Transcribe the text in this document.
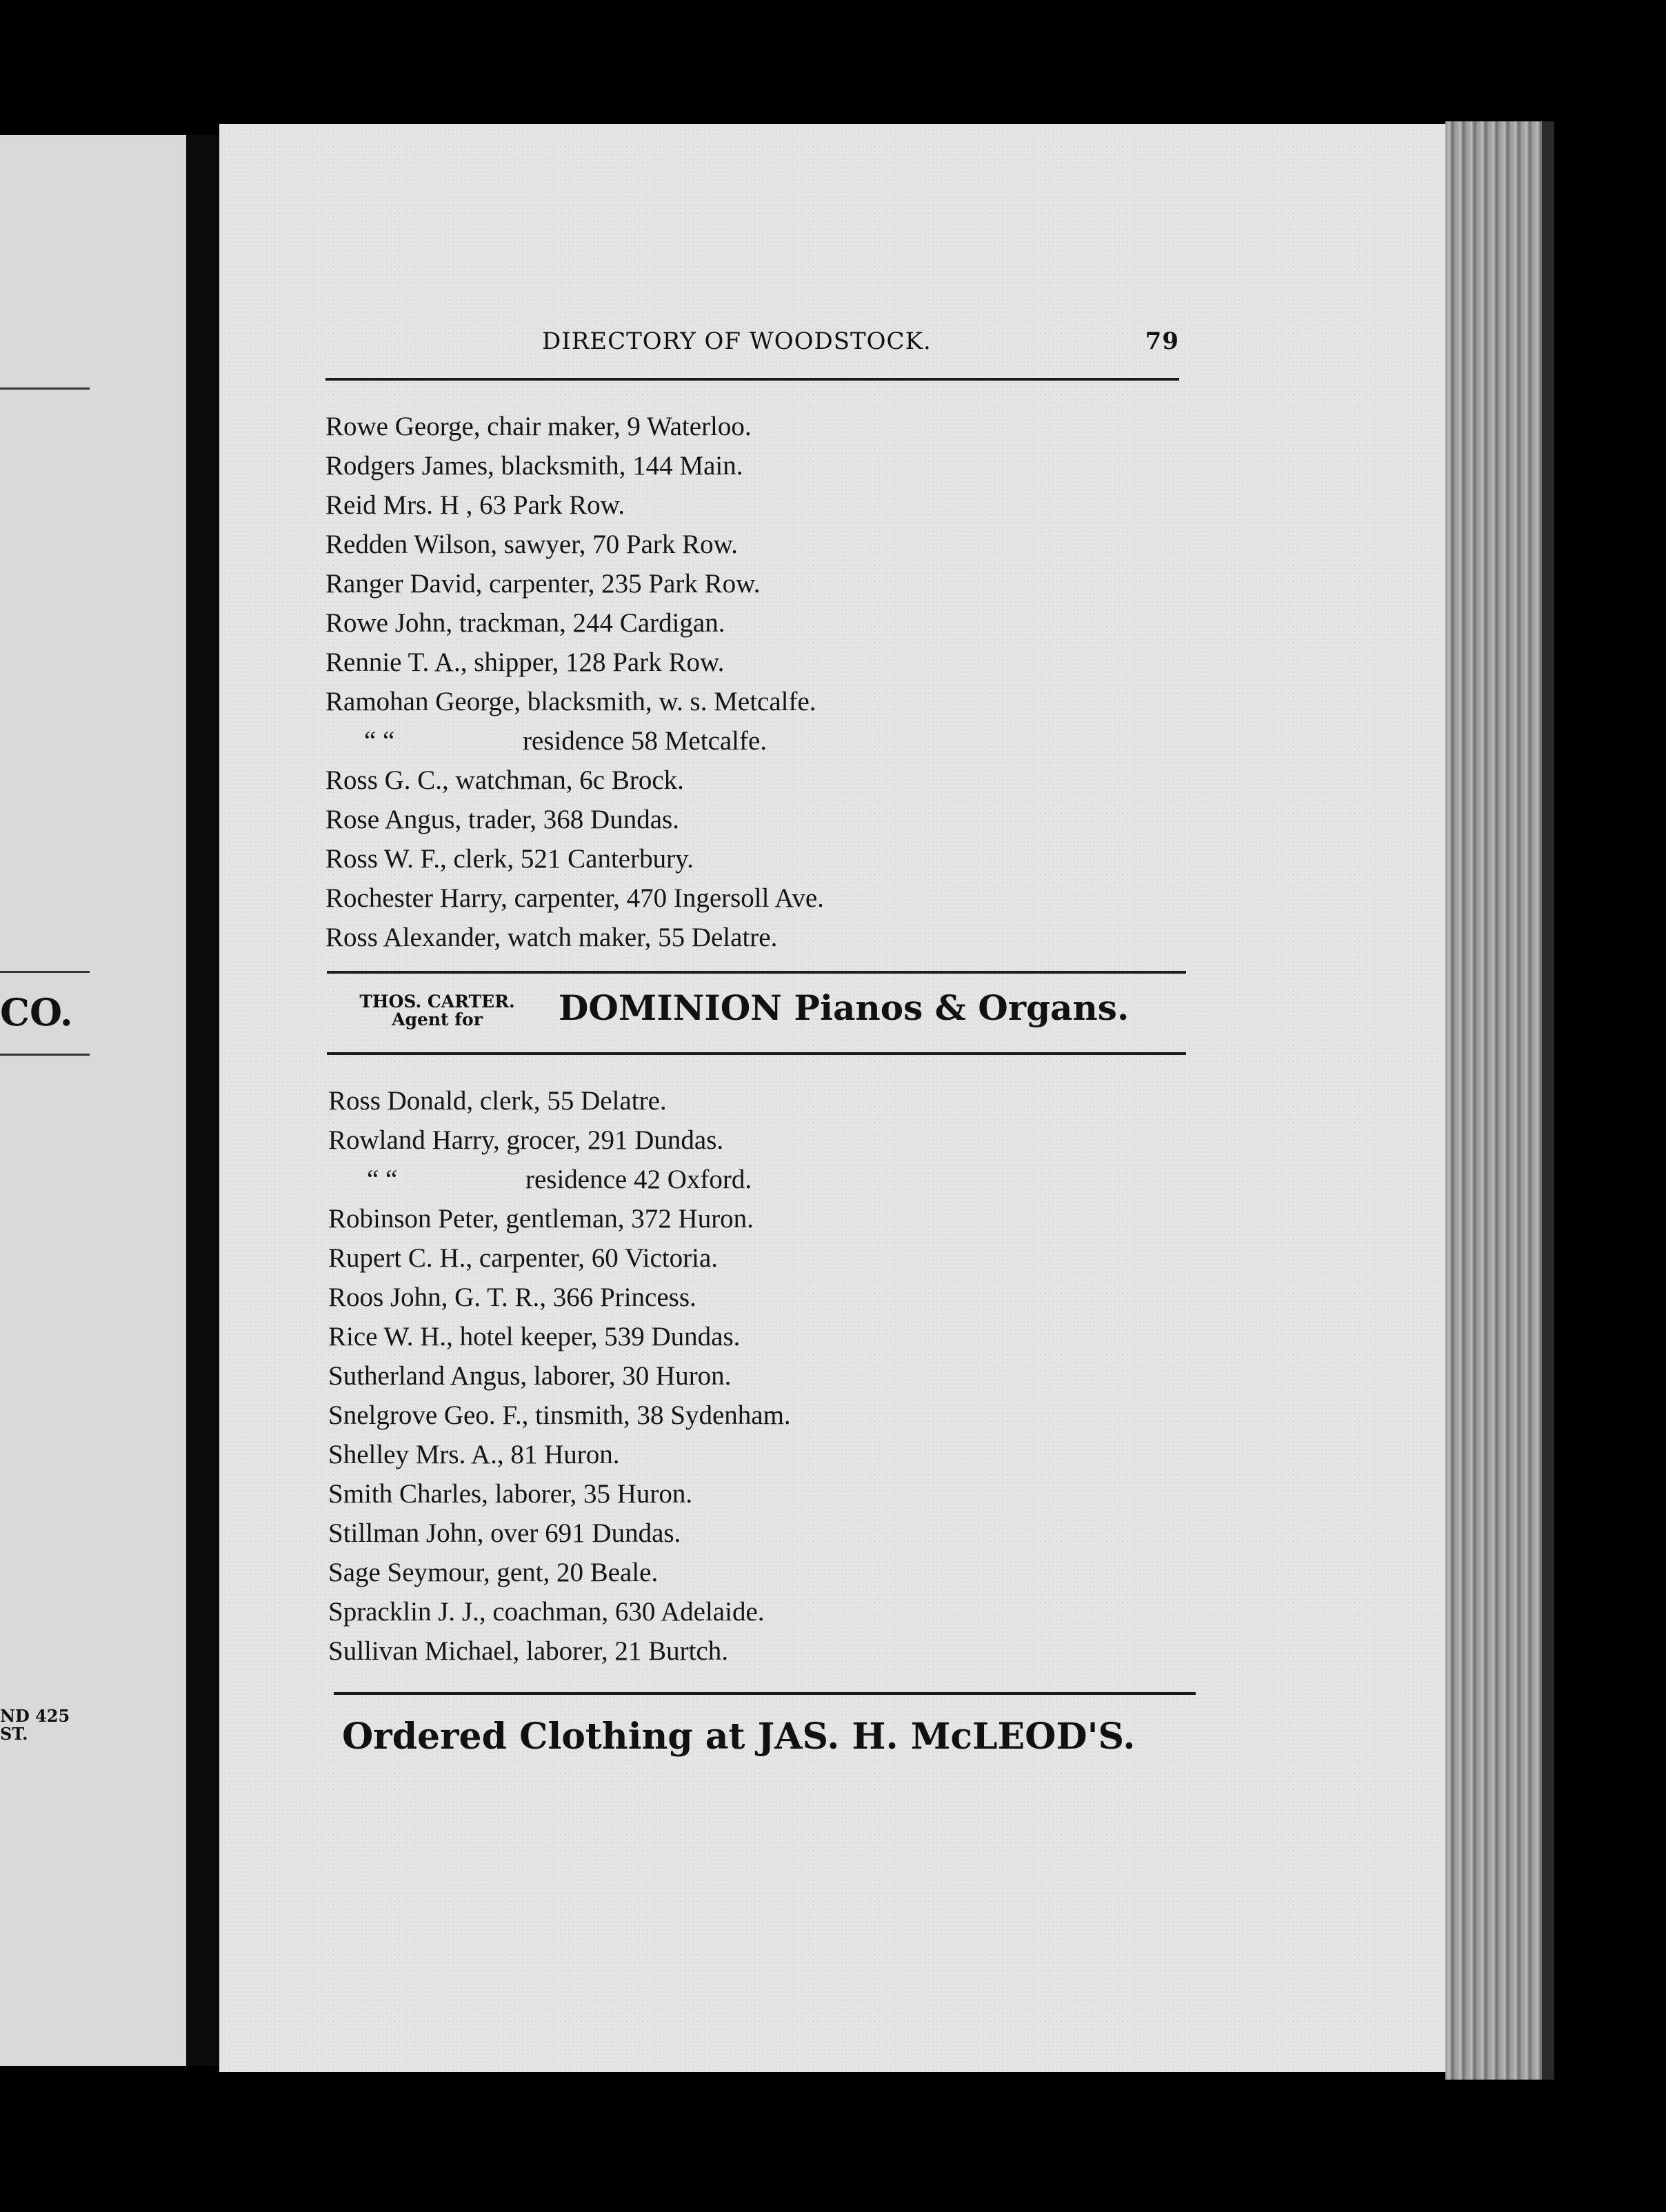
CO.
ND 425
ST.
DIRECTORY OF WOODSTOCK.	79
Rowe George, chair maker, 9 Waterloo.
Rodgers James, blacksmith, 144 Main.
Reid Mrs. H , 63 Park Row.
Redden Wilson, sawyer, 70 Park Row.
Ranger David, carpenter, 235 Park Row.
Rowe John, trackman, 244 Cardigan.
Rennie T. A., shipper, 128 Park Row.
Ramohan George, blacksmith, w. s. Metcalfe.
“ “	residence 58 Metcalfe.
Ross G. C., watchman, 6c Brock.
Rose Angus, trader, 368 Dundas.
Ross W. F., clerk, 521 Canterbury.
Rochester Harry, carpenter, 470 Ingersoll Ave.
Ross Alexander, watch maker, 55 Delatre.
THOS. CARTER.
Agent for	DOMINION Pianos & Organs.
Ross Donald, clerk, 55 Delatre.
Rowland Harry, grocer, 291 Dundas.
“ “	residence 42 Oxford.
Robinson Peter, gentleman, 372 Huron.
Rupert C. H., carpenter, 60 Victoria.
Roos John, G. T. R., 366 Princess.
Rice W. H., hotel keeper, 539 Dundas.
Sutherland Angus, laborer, 30 Huron.
Snelgrove Geo. F., tinsmith, 38 Sydenham.
Shelley Mrs. A., 81 Huron.
Smith Charles, laborer, 35 Huron.
Stillman John, over 691 Dundas.
Sage Seymour, gent, 20 Beale.
Spracklin J. J., coachman, 630 Adelaide.
Sullivan Michael, laborer, 21 Burtch.
Ordered Clothing at JAS. H. McLEOD'S.
